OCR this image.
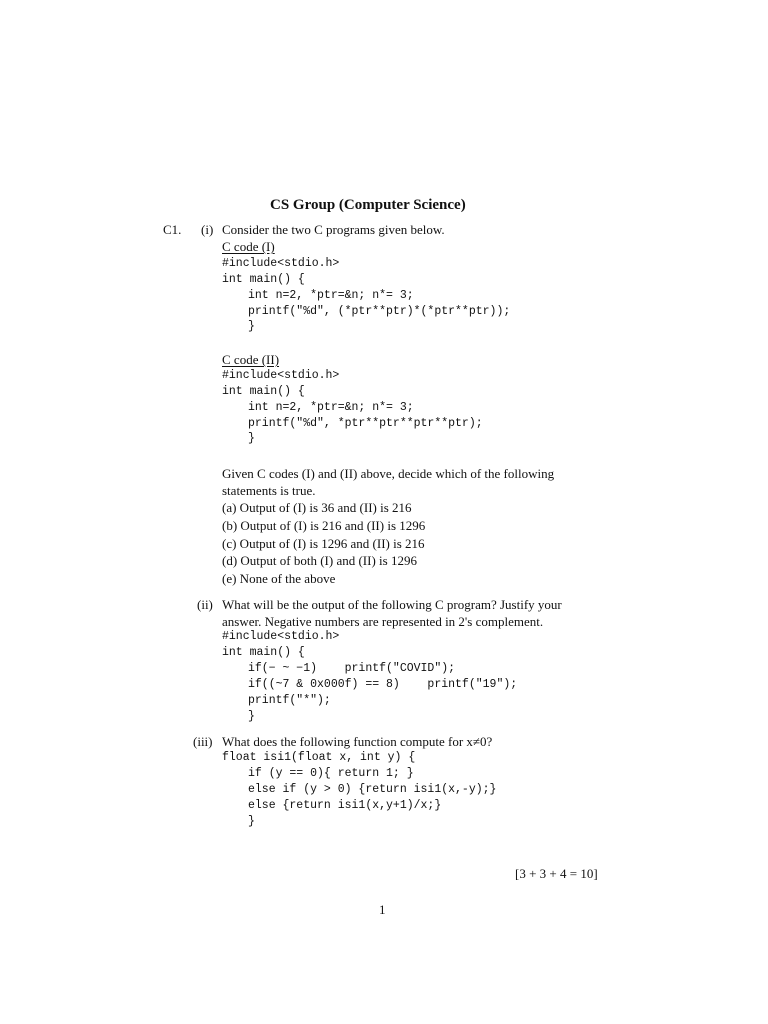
CS Group (Computer Science)
C1. (i) Consider the two C programs given below.
C code (I)
#include<stdio.h>
int main() {
int n=2, *ptr=&n; n*= 3;
printf("%d", (*ptr**ptr)*(*ptr**ptr));
}
C code (II)
#include<stdio.h>
int main() {
int n=2, *ptr=&n; n*= 3;
printf("%d", *ptr**ptr**ptr**ptr);
}
Given C codes (I) and (II) above, decide which of the following
statements is true.
(a) Output of (I) is 36 and (II) is 216
(b) Output of (I) is 216 and (II) is 1296
(c) Output of (I) is 1296 and (II) is 216
(d) Output of both (I) and (II) is 1296
(e) None of the above
(ii) What will be the output of the following C program? Justify your
answer. Negative numbers are represented in 2's complement.
#include<stdio.h>
int main() {
if(− ~ −1)    printf("COVID");
if((~7 & 0x000f) == 8)    printf("19");
printf("*");
}
(iii) What does the following function compute for x≠0?
float isi1(float x, int y) {
if (y == 0){ return 1; }
else if (y > 0) {return isi1(x,-y);}
else {return isi1(x,y+1)/x;}
}
[3 + 3 + 4 = 10]
1
